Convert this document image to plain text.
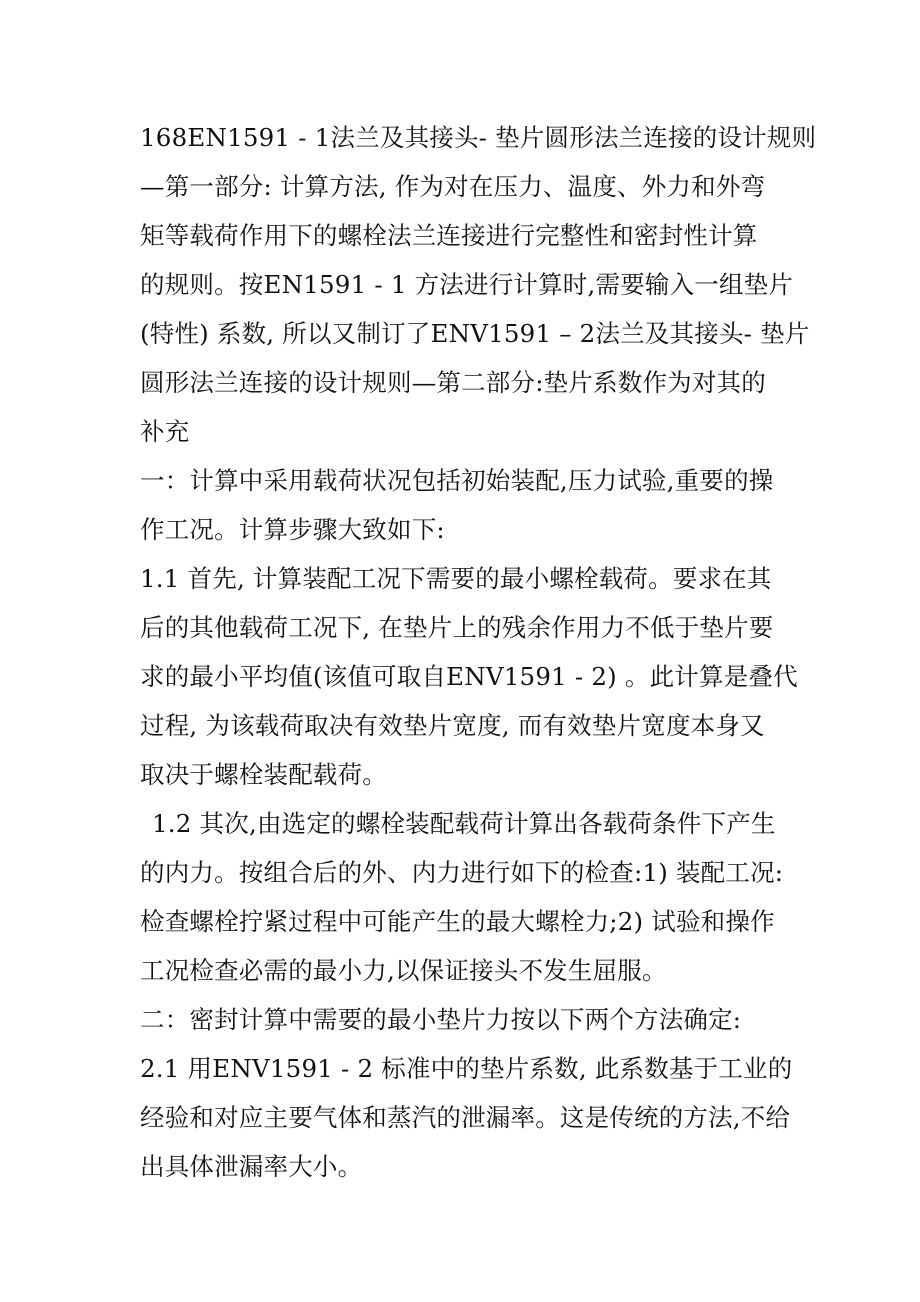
168EN1591 - 1法兰及其接头- 垫片圆形法兰连接的设计规则
—第一部分: 计算方法, 作为对在压力、温度、外力和外弯
矩等载荷作用下的螺栓法兰连接进行完整性和密封性计算
的规则。按EN1591 - 1 方法进行计算时,需要输入一组垫片
(特性) 系数, 所以又制订了ENV1591 – 2法兰及其接头- 垫片
圆形法兰连接的设计规则—第二部分:垫片系数作为对其的
补充
一：计算中采用载荷状况包括初始装配,压力试验,重要的操
作工况。计算步骤大致如下:
1.1 首先, 计算装配工况下需要的最小螺栓载荷。要求在其
后的其他载荷工况下, 在垫片上的残余作用力不低于垫片要
求的最小平均值(该值可取自ENV1591 - 2) 。此计算是叠代
过程, 为该载荷取决有效垫片宽度, 而有效垫片宽度本身又
取决于螺栓装配载荷。
1.2 其次,由选定的螺栓装配载荷计算出各载荷条件下产生
的内力。按组合后的外、内力进行如下的检查:1) 装配工况:
检查螺栓拧紧过程中可能产生的最大螺栓力;2) 试验和操作
工况检查必需的最小力,以保证接头不发生屈服。
二：密封计算中需要的最小垫片力按以下两个方法确定:
2.1 用ENV1591 - 2 标准中的垫片系数, 此系数基于工业的
经验和对应主要气体和蒸汽的泄漏率。这是传统的方法,不给
出具体泄漏率大小。
